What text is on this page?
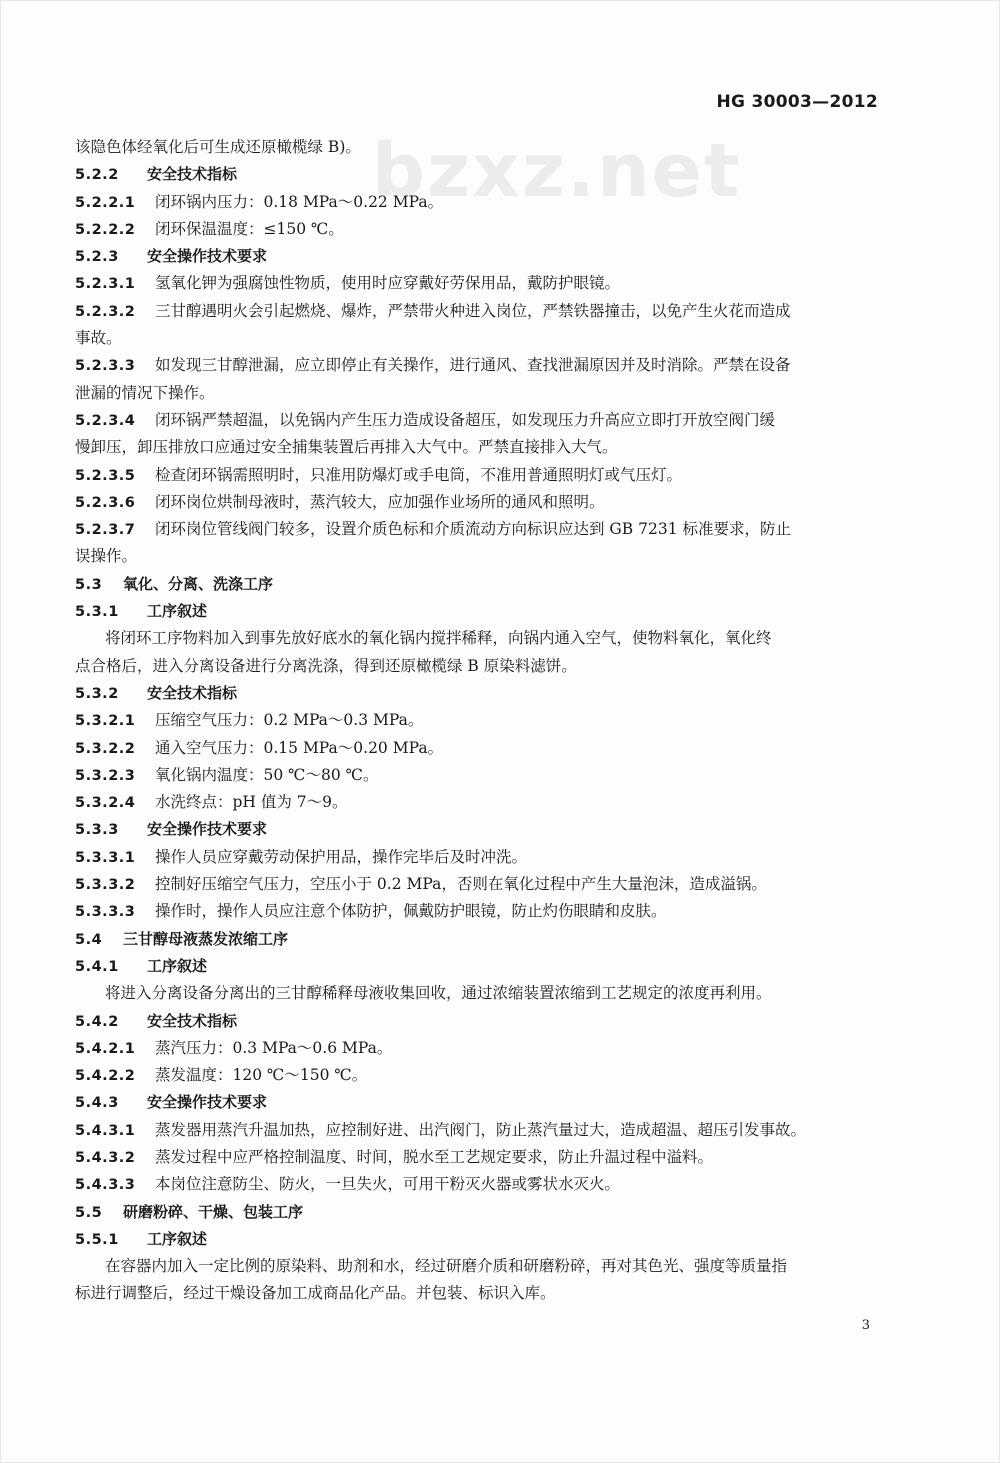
bzxz.net
HG 30003—2012
该隐色体经氧化后可生成还原橄榄绿 B)。
5.2.2	安全技术指标
5.2.2.1	闭环锅内压力：0.18 MPa～0.22 MPa。
5.2.2.2	闭环保温温度：≤150 ℃。
5.2.3	安全操作技术要求
5.2.3.1	氢氧化钾为强腐蚀性物质，使用时应穿戴好劳保用品，戴防护眼镜。
5.2.3.2	三甘醇遇明火会引起燃烧、爆炸，严禁带火种进入岗位，严禁铁器撞击，以免产生火花而造成
事故。
5.2.3.3	如发现三甘醇泄漏，应立即停止有关操作，进行通风、查找泄漏原因并及时消除。严禁在设备
泄漏的情况下操作。
5.2.3.4	闭环锅严禁超温，以免锅内产生压力造成设备超压，如发现压力升高应立即打开放空阀门缓
慢卸压，卸压排放口应通过安全捕集装置后再排入大气中。严禁直接排入大气。
5.2.3.5	检查闭环锅需照明时，只准用防爆灯或手电筒，不准用普通照明灯或气压灯。
5.2.3.6	闭环岗位烘制母液时，蒸汽较大，应加强作业场所的通风和照明。
5.2.3.7	闭环岗位管线阀门较多，设置介质色标和介质流动方向标识应达到 GB 7231 标准要求，防止
误操作。
5.3	氧化、分离、洗涤工序
5.3.1	工序叙述
将闭环工序物料加入到事先放好底水的氧化锅内搅拌稀释，向锅内通入空气，使物料氧化，氧化终
点合格后，进入分离设备进行分离洗涤，得到还原橄榄绿 B 原染料滤饼。
5.3.2	安全技术指标
5.3.2.1	压缩空气压力：0.2 MPa～0.3 MPa。
5.3.2.2	通入空气压力：0.15 MPa～0.20 MPa。
5.3.2.3	氧化锅内温度：50 ℃～80 ℃。
5.3.2.4	水洗终点：pH 值为 7～9。
5.3.3	安全操作技术要求
5.3.3.1	操作人员应穿戴劳动保护用品，操作完毕后及时冲洗。
5.3.3.2	控制好压缩空气压力，空压小于 0.2 MPa，否则在氧化过程中产生大量泡沫，造成溢锅。
5.3.3.3	操作时，操作人员应注意个体防护，佩戴防护眼镜，防止灼伤眼睛和皮肤。
5.4	三甘醇母液蒸发浓缩工序
5.4.1	工序叙述
将进入分离设备分离出的三甘醇稀释母液收集回收，通过浓缩装置浓缩到工艺规定的浓度再利用。
5.4.2	安全技术指标
5.4.2.1	蒸汽压力：0.3 MPa～0.6 MPa。
5.4.2.2	蒸发温度：120 ℃～150 ℃。
5.4.3	安全操作技术要求
5.4.3.1	蒸发器用蒸汽升温加热，应控制好进、出汽阀门，防止蒸汽量过大，造成超温、超压引发事故。
5.4.3.2	蒸发过程中应严格控制温度、时间，脱水至工艺规定要求，防止升温过程中溢料。
5.4.3.3	本岗位注意防尘、防火，一旦失火，可用干粉灭火器或雾状水灭火。
5.5	研磨粉碎、干燥、包装工序
5.5.1	工序叙述
在容器内加入一定比例的原染料、助剂和水，经过研磨介质和研磨粉碎，再对其色光、强度等质量指
标进行调整后，经过干燥设备加工成商品化产品。并包装、标识入库。
3
